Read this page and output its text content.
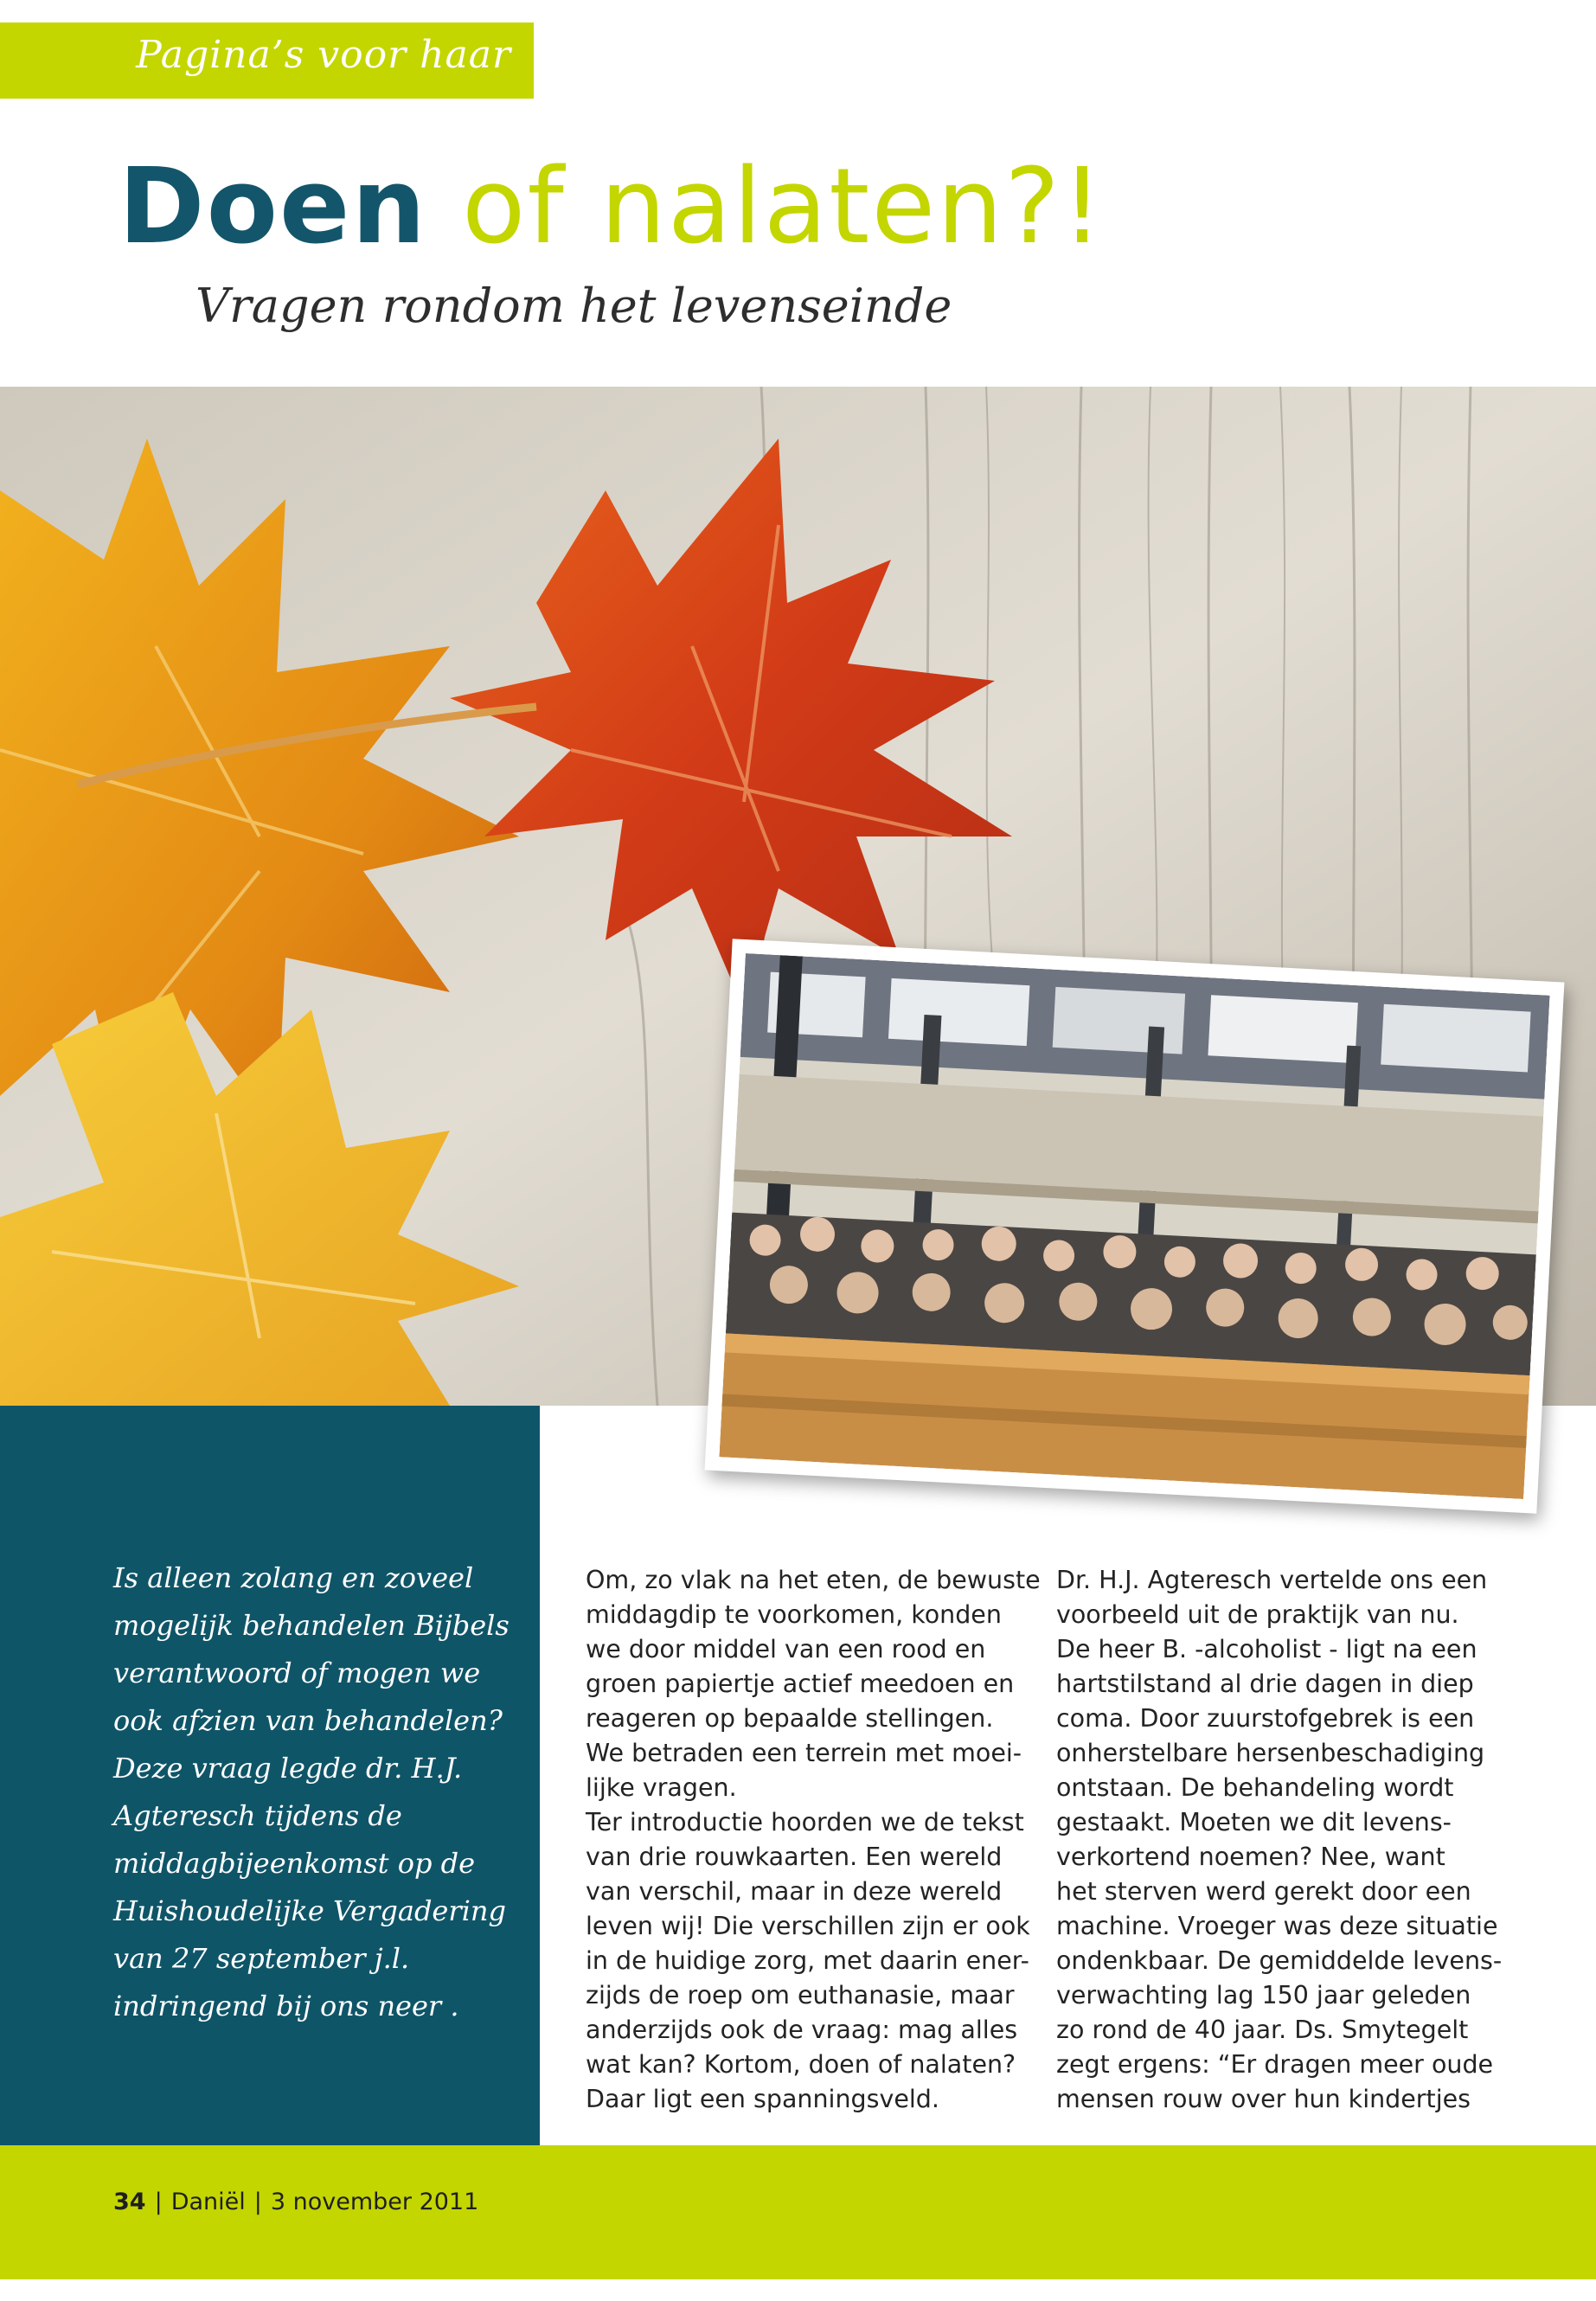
Pagina’s voor haar
Doen of nalaten?!
Vragen rondom het levenseinde

Is alleen zolang en zoveel mogelijk behandelen Bijbels verantwoord of mogen we ook afzien van behandelen? Deze vraag legde dr. H.J. Agteresch tijdens de middagbijeenkomst op de Huishoudelijke Vergadering van 27 september j.l. indringend bij ons neer .

Om, zo vlak na het eten, de bewuste

middagdip te voorkomen, konden

we door middel van een rood en

groen papiertje actief meedoen en

reageren op bepaalde stellingen.

We betraden een terrein met moei-

lijke vragen.

Ter introductie hoorden we de tekst

van drie rouwkaarten. Een wereld

van verschil, maar in deze wereld

leven wij! Die verschillen zijn er ook

in de huidige zorg, met daarin ener-

zijds de roep om euthanasie, maar

anderzijds ook de vraag: mag alles

wat kan? Kortom, doen of nalaten?

Daar ligt een spanningsveld.

Dr. H.J. Agteresch vertelde ons een

voorbeeld uit de praktijk van nu.

De heer B. -alcoholist - ligt na een

hartstilstand al drie dagen in diep

coma. Door zuurstofgebrek is een

onherstelbare hersenbeschadiging

ontstaan. De behandeling wordt

gestaakt. Moeten we dit levens-

verkortend noemen? Nee, want

het sterven werd gerekt door een

machine. Vroeger was deze situatie

ondenkbaar. De gemiddelde levens-

verwachting lag 150 jaar geleden

zo rond de 40 jaar. Ds. Smytegelt

zegt ergens: “Er dragen meer oude

mensen rouw over hun kindertjes

34 | Daniël | 3 november 2011
